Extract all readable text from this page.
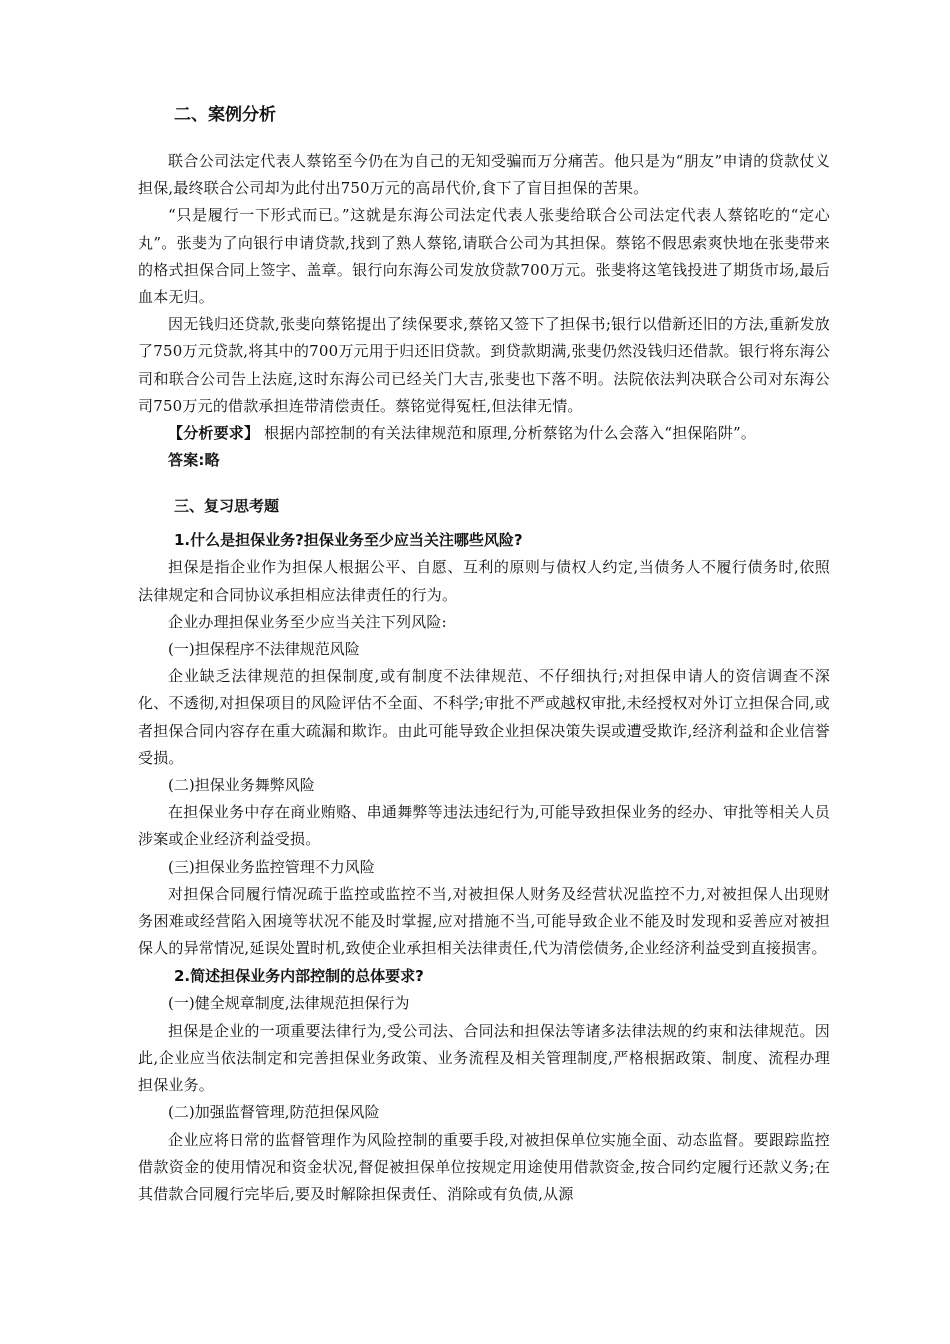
二、案例分析

联合公司法定代表人蔡铭至今仍在为自己的无知受骗而万分痛苦。他只是为“朋友”申请的贷款仗义担保,最终联合公司却为此付出750万元的高昂代价,食下了盲目担保的苦果。

“只是履行一下形式而已。”这就是东海公司法定代表人张斐给联合公司法定代表人蔡铭吃的“定心丸”。张斐为了向银行申请贷款,找到了熟人蔡铭,请联合公司为其担保。蔡铭不假思索爽快地在张斐带来的格式担保合同上签字、盖章。银行向东海公司发放贷款700万元。张斐将这笔钱投进了期货市场,最后血本无归。

因无钱归还贷款,张斐向蔡铭提出了续保要求,蔡铭又签下了担保书;银行以借新还旧的方法,重新发放了750万元贷款,将其中的700万元用于归还旧贷款。到贷款期满,张斐仍然没钱归还借款。银行将东海公司和联合公司告上法庭,这时东海公司已经关门大吉,张斐也下落不明。法院依法判决联合公司对东海公司750万元的借款承担连带清偿责任。蔡铭觉得冤枉,但法律无情。

【分析要求】 根据内部控制的有关法律规范和原理,分析蔡铭为什么会落入“担保陷阱”。

答案:略

三、复习思考题
1.什么是担保业务?担保业务至少应当关注哪些风险?

担保是指企业作为担保人根据公平、自愿、互利的原则与债权人约定,当债务人不履行债务时,依照法律规定和合同协议承担相应法律责任的行为。

企业办理担保业务至少应当关注下列风险:

(一)担保程序不法律规范风险

企业缺乏法律规范的担保制度,或有制度不法律规范、不仔细执行;对担保申请人的资信调查不深化、不透彻,对担保项目的风险评估不全面、不科学;审批不严或越权审批,未经授权对外订立担保合同,或者担保合同内容存在重大疏漏和欺诈。由此可能导致企业担保决策失误或遭受欺诈,经济利益和企业信誉受损。

(二)担保业务舞弊风险

在担保业务中存在商业贿赂、串通舞弊等违法违纪行为,可能导致担保业务的经办、审批等相关人员涉案或企业经济利益受损。

(三)担保业务监控管理不力风险

对担保合同履行情况疏于监控或监控不当,对被担保人财务及经营状况监控不力,对被担保人出现财务困难或经营陷入困境等状况不能及时掌握,应对措施不当,可能导致企业不能及时发现和妥善应对被担保人的异常情况,延误处置时机,致使企业承担相关法律责任,代为清偿债务,企业经济利益受到直接损害。

2.简述担保业务内部控制的总体要求?

(一)健全规章制度,法律规范担保行为

担保是企业的一项重要法律行为,受公司法、合同法和担保法等诸多法律法规的约束和法律规范。因此,企业应当依法制定和完善担保业务政策、业务流程及相关管理制度,严格根据政策、制度、流程办理担保业务。

(二)加强监督管理,防范担保风险

企业应将日常的监督管理作为风险控制的重要手段,对被担保单位实施全面、动态监督。要跟踪监控借款资金的使用情况和资金状况,督促被担保单位按规定用途使用借款资金,按合同约定履行还款义务;在其借款合同履行完毕后,要及时解除担保责任、消除或有负债,从源
